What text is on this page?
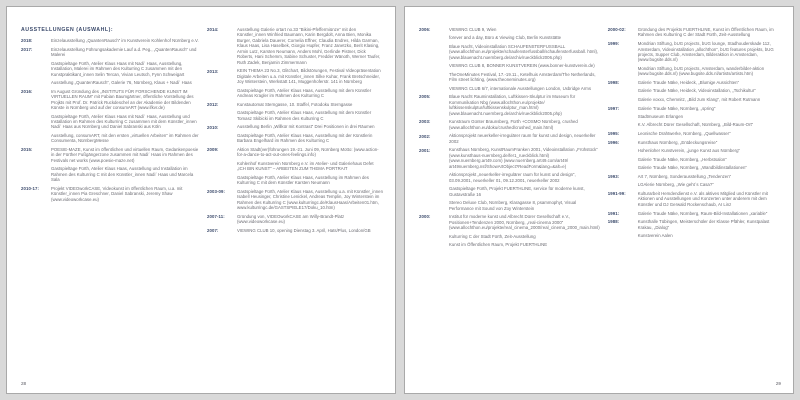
AUSSTELLUNGEN (AUSWAHL):
2018:	Einzelausstellung „QuantenRausch“ im Kunstverein Kohlenhof Nürnberg e.V.
2017:	Einzelausstellung Führungsakademie Lauf a.d. Peg., „QuantenRausch“ und Malerei
Gastspieltage Fürth, Atelier Klaus Haas mit Nadi´ Haas, Ausstellung, Installation, Malerei im Rahmen des Kulturring C zusammen mit den Kunstpraktikant_innen Selin Tercan, Vivian Leutsch, Fynn Schweigart
Ausstellung „QuantenRausch“, Galerie 76, Nürnberg, Klaus + Nadi´ Haas
2016:	Im August Gründung des „INSTITUTS FÜR FORSCHENDE KUNST IM VIRTUELLEN RAUM“ mit Fabian Baumgärtner, öffentliche Vorstellung des Projkts mit Prof. Dr. Patrick Ruckdeschel an der Akademie der Bildenden Künste in Nürnberg und auf der consumART (www.ifkvr.de)
Gastspieltage Fürth, Atelier Klaus Haas mit Nadi´ Haas, Ausstellung und Installation im Rahmen des Kulturring C zusammen mit dem Künstler_innen Nadi´ Haas aus Nürnberg und Daniel Sabranski aus Köln
Ausstellung, consumART, mit den ersten „virtuellen Arbeiten“ im Rahmen der Consumenta, NürnbergMesse
2015:	POESIE-MAZE, Kunst im öffentlichen und virtuellen Raum, Gedankenpoesie in der Fürther Fußgängerzone zusammen mit Nadi´ Haas im Rahmen des Festivals net works (www.poesie-maze.net)
Gastspieltage Fürth, Atelier Klaus Haas, Ausstellung und Installation im Rahmen des Kulturring C mit den Künstler_innen Nadi´ Haas und Marcela Sala
2010-17:	Projekt VIDEOworkCASE, Videokunst im öffentlichen Raum, u.a. mit Künstler_innen Pia Greschner, Daniel Sabranski, Jeremy Shaw (www.videoworkcase.eu)
2014:	Ausstellung Galerie ortart no.33 “Bikini-Pfeffermiünze“ mit den Künstler_innen Winfried Baumann, Karin Bergdolt, Anna Bien, Monika Burger, Gabriela Dauerer, Cornelia Effner, Claudia Endres, Hilda Garman, Klaus Haas, Lisa Haselbek, Giorgio Hupfer, Franz Janetzko, Berit Klasing, Armin Lutz, Karsten Neumann, Anders Mohl, Gerlinde Pistner, Dick Roberts, Hani Schemm, Sabine Schuster, Fredder Wänoth, Werner Taufer, Ruth Zadek, Benjamin Zimmermann
2013:	KEIN THEMA 23 No.3, Glitchart, Bildstörungen, Festival Videopräsentation Digitale Arbeiten u.a. mit Künstler_innen Silke Kuhar, Frank Bretschneider, Joy Winterstein, Werkstatt 141, Muggenhoferstr. 141 in Nürnberg
Gastspieltage Fürth, Atelier Klaus Haas, Ausstellung mit dem Künstler Andreas Kragler im Rahmen des Kulturring C
2012:	Kunstautomat Sterngasse, 10. Staffel, Fotodoku Sterngasse
Gastspieltage Fürth, Atelier Klaus Haas, Ausstellung mit dem Künstler Tomasz Skibicki im Rahmen des Kulturring C
2010:	Ausstellung Berlin „Willkür mit Kontrast“ Drei Positionen in drei Räumen
Gastspieltage Fürth, Atelier Klaus Haas, Ausstellung mit der Künstlerin Barbara Engelhard im Rahmen des Kulturring C
2009:	Aktion Stadt(ver)führungen 19.-21. Juni 09, Nürnberg Motto: (www.action-for-a-dance-to-act-out-ones-feelings.info)
Kohlenhof Kunstverein Nürnberg e.V. im Atelier- und Galeriehaus Defet „ICH BIN KUNST“ – ARBEITEN ZUM THEMA PORTRAIT
Gastspieltage Fürth, Atelier Klaus Haas, Ausstellung im Rahmen des Kulturring C mit dem Künstler Karsten Neumann
2003-09:	Gastspieltage Fürth, Atelier Klaus Haas, Ausstellung u.a. mit Künstler_innen Isabell Heusinger, Christine Lenickel, Andreas Templin, Joy Winterstein im Rahmen des Kulturring C (www.kulturringc.de/KlausHaas/Arbeiten01.htm, www.kulturringc.de/GASTSPIELE17/Doku_10.htm)
2007-11:	Gründung von, VIDEOworkCASE am Willy-Brandt-Platz (www.videoworkcase.eu)
2007:	VIEWING CLUB 10, opening Dienstag 3. April, Hats/Plus, London/GB
28
2006:	VIEWING CLUB 9, Wien
forever and a day, Büro & Viewing Club, Berlin Kunststätte
Blaue Nacht, Videoinstallation SCHAUFENSTERFUSSBALL (www.allochthon.eu/projekte/schaufensterfussball/schaufensterfussball. html), (www.blauenacht.nuernberg.de/archiv/rueckblick2006.php)
VIEWING CLUB 8, BONNER KUNSTVEREIN (www.bonner-kunstverein.de)
TheOneMinutes Festival, 17.-19.11., Ketelhuis Amsterdam/The Netherlands, Film street lichting, (www.theoneminutes.org)
VIEWING CLUB 6/7, internationale Ausstellungen London, Uxbridge Arms
2005:	Blaue Nacht Rauminstallation, Luftkissen-Skulptur im Museum für Kommunikation Nbg (www.allochthon.eu/projekte/ luftkissenskulptur/luftkissenskulptur_man.html) (www.blauenacht.nuernberg.de/archiv/rueckblick2005.php)
2003:	Kunstraum Günter Braunsberg, Fürth +COSMO Nürnberg, crushed (www.allochthon.eu/doku/crushed/crushed_main.html)
2002:	Aktionsprojekt neuerkeller-irregulärer raum für kunst und design, neuerkeller 2002
2001:	Kunsthaus Nürnberg, KunstRaumFranken 2001, Videoinstallation „Frühstück“ (www.kunsthaus-nuernberg.de/fer1_rueckblick.html) (www.nuernberg.art49.com) (www.nuernberg.art49.com/art49/ art49nuernberg.nsf/ShowArtObject?ReadForm&lang=&alt=e)
Aktionsprojekt „neuerkeller-irregulärer raum für kunst und design“, 03.09.2001, neuerkeller 01, 09.12.2001, neuerkeller 2002
Gastspieltage Fürth, Projekt FUERTHLINE, service für moderne kunst, Gustavstraße 16
Stereo Deluxe Club, Nürnberg, Klaragasse 8, psammophyt, Visual Performance mit Sound von Zoy Winterstein
2000:	Institut für moderne kunst und Albrecht Dürer Gesellschaft e.V., Positionen+Tendenzen 2000, Nürnberg, „real-cinema 2000“ (www.allochthon.eu/projekte/real_cinema_2000/real_cinema_2000_main.html)
Kulturring C der Stadt Fürth, Zeit-Ausstellung
Kunst im Öffentlichen Raum, Projekt FUERTHLINE
2000-02:	Gründung des Projekts FUERTHLINE, Kunst im Öffentlichen Raum, im Rahmen des Kulturring C der Stadt Fürth, Zeit-Ausstellung
1999:	Mondrian Stiftung, bUG projects, bUG lounge, Stadhouderskade 112, Amsterdam, Videoinstallation „allochthon“, bUG features projekts, bUG projects, Supper Club, Amsterdam, Bilderaktion in Amsterdam, (www.bugsite.dds.nl)
Mondrian Stiftung, bUG projects, Amsterdam, wanderbilder-aktion (www.bugsite.dds.nl) (www.bugsite.dds.nl/artists/artists.htm)
1998:	Galerie Traude Näke, Heideck, „Blumige Aussichten“
Galerie Traude Näke, Heideck, Videoinstallation, „Tschikultur“
Galerie voxxx, Chemnitz, „Bild zum Klang“, mit Robert Rutmann
1997:	Galerie Traude Näke, Nürnberg, „spring“
Stadtmuseum Erlangen
K.V. Albrecht Dürer Gesellschaft, Nürnberg, „Bild-Raum-Ort“
1995:	Leonische Drahtwerke, Nürnberg, „Quellwasser“
1996:	Kunsthaus Nürnberg, „Entdeckungsreise“
Hohenloher Kunstverein, „junge Kunst aus Nürnberg“
Galerie Traude Näke, Nürnberg, „Herbstsalon“
Galerie Traude Näke, Nürnberg, „Wandbildinstallationen“
1993:	Art 7, Nürnberg, Sonderausstellung „Tendenzen“
LGAlerie Nürnberg, „Wie geht´s Casa?“
1991-99:	Kulturarbeit Hemdendienst e.V. als aktives Mitglied und Künstler mit Aktionen und Ausstellungen und Konzerten unter anderem mit dem Künstler und DJ Gerwald Rockenschaub, AI Linz
1991:	Galerie Traude Näke, Nürnberg, Raum-Bild-Installationen „xariable“
1988:	Kunsthalle Tübingen, Meisterschüler der Klasse Pfähler, Kunstpalast Krakau, „Dialog“
Kunstverein Aalen
29
